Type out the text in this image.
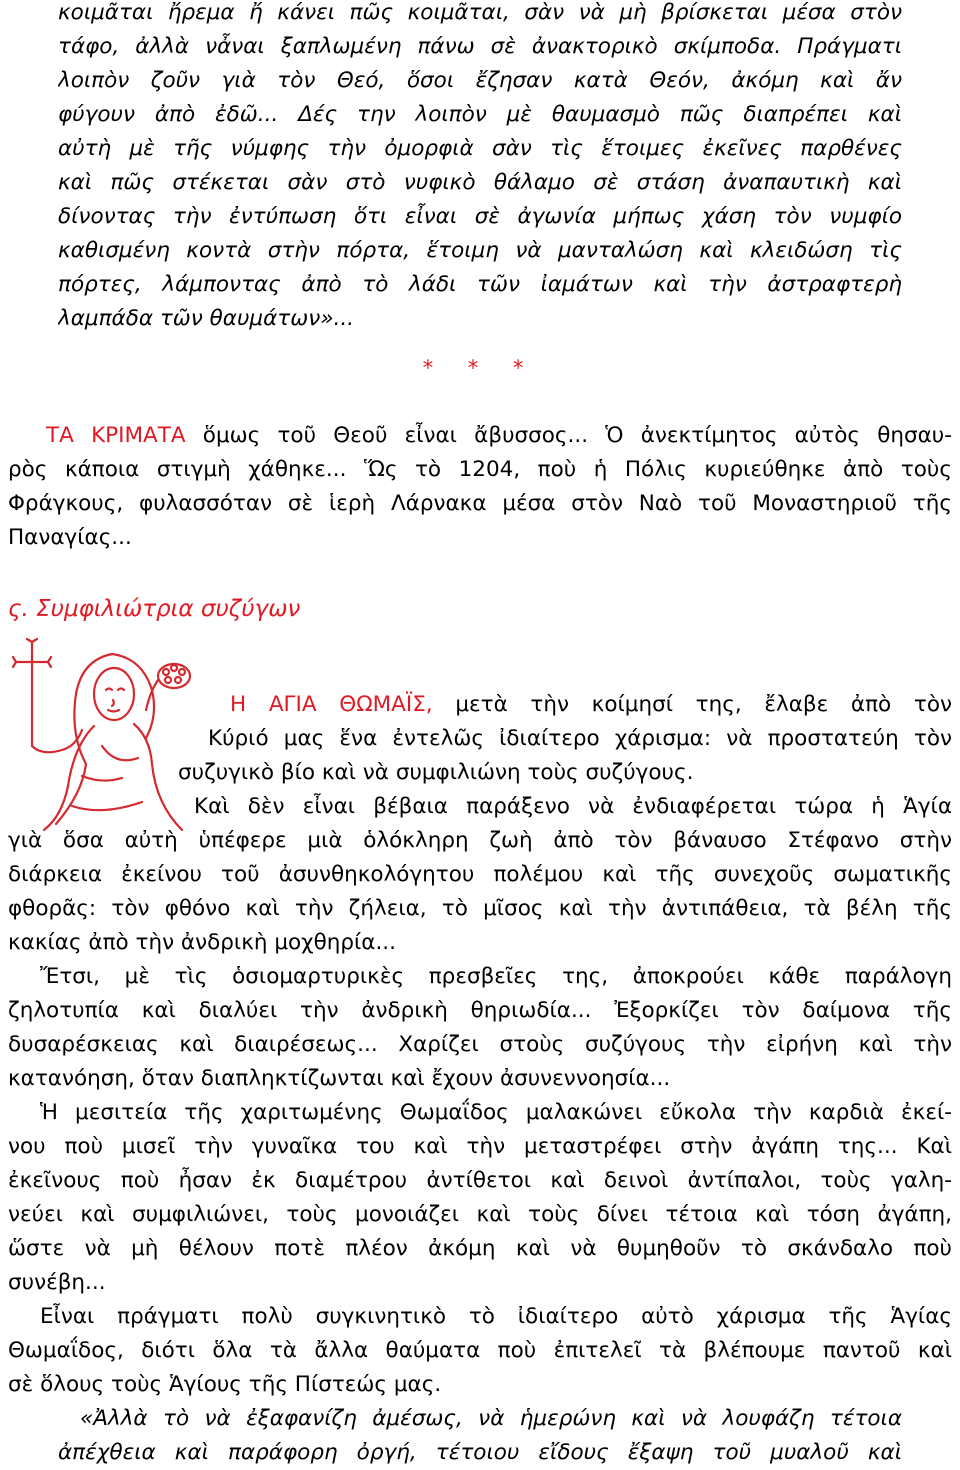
κοιμᾶται ἤρεμα ἤ κάνει πῶς κοιμᾶται, σὰν νὰ μὴ βρίσκεται μέσα στὸν
τάφο, ἀλλὰ νἆναι ξαπλωμένη πάνω σὲ ἀνακτορικὸ σκίμποδα. Πράγματι
λοιπὸν ζοῦν γιὰ τὸν Θεό, ὅσοι ἔζησαν κατὰ Θεόν, ἀκόμη καὶ ἄν
φύγουν ἀπὸ ἐδῶ... Δές την λοιπὸν μὲ θαυμασμὸ πῶς διαπρέπει καὶ
αὐτὴ μὲ τῆς νύμφης τὴν ὀμορφιὰ σὰν τὶς ἕτοιμες ἐκεῖνες παρθένες
καὶ πῶς στέκεται σὰν στὸ νυφικὸ θάλαμο σὲ στάση ἀναπαυτικὴ καὶ
δίνοντας τὴν ἐντύπωση ὅτι εἶναι σὲ ἀγωνία μήπως χάση τὸν νυμφίο
καθισμένη κοντὰ στὴν πόρτα, ἕτοιμη νὰ μανταλώση καὶ κλειδώση τὶς
πόρτες, λάμποντας ἀπὸ τὸ λάδι τῶν ἰαμάτων καὶ τὴν ἀστραφτερὴ
λαμπάδα τῶν θαυμάτων»...
* * *
ΤΑ ΚΡΙΜΑΤΑ ὅμως τοῦ Θεοῦ εἶναι ἄβυσσος... Ὁ ἀνεκτίμητος αὐτὸς θησαυ-
ρὸς κάποια στιγμὴ χάθηκε... Ὥς τὸ 1204, ποὺ ἡ Πόλις κυριεύθηκε ἀπὸ τοὺς
Φράγκους, φυλασσόταν σὲ ἱερὴ Λάρνακα μέσα στὸν Ναὸ τοῦ Μοναστηριοῦ τῆς
Παναγίας...
ς. Συμφιλιώτρια συζύγων
Η ΑΓΙΑ ΘΩΜΑΪΣ, μετὰ τὴν κοίμησί της, ἔλαβε ἀπὸ τὸν
Κύριό μας ἕνα ἐντελῶς ἰδιαίτερο χάρισμα: νὰ προστατεύη τὸν
συζυγικὸ βίο καὶ νὰ συμφιλιώνη τοὺς συζύγους.
Καὶ δὲν εἶναι βέβαια παράξενο νὰ ἐνδιαφέρεται τώρα ἡ Ἁγία
γιὰ ὅσα αὐτὴ ὑπέφερε μιὰ ὁλόκληρη ζωὴ ἀπὸ τὸν βάναυσο Στέφανο στὴν
διάρκεια ἐκείνου τοῦ ἀσυνθηκολόγητου πολέμου καὶ τῆς συνεχοῦς σωματικῆς
φθορᾶς: τὸν φθόνο καὶ τὴν ζήλεια, τὸ μῖσος καὶ τὴν ἀντιπάθεια, τὰ βέλη τῆς
κακίας ἀπὸ τὴν ἀνδρικὴ μοχθηρία...
Ἔτσι, μὲ τὶς ὁσιομαρτυρικὲς πρεσβεῖες της, ἀποκρούει κάθε παράλογη
ζηλοτυπία καὶ διαλύει τὴν ἀνδρικὴ θηριωδία... Ἐξορκίζει τὸν δαίμονα τῆς
δυσαρέσκειας καὶ διαιρέσεως... Χαρίζει στοὺς συζύγους τὴν εἰρήνη καὶ τὴν
κατανόηση, ὅταν διαπληκτίζωνται καὶ ἔχουν ἀσυνεννοησία...
Ἡ μεσιτεία τῆς χαριτωμένης Θωμαΐδος μαλακώνει εὔκολα τὴν καρδιὰ ἐκεί-
νου ποὺ μισεῖ τὴν γυναῖκα του καὶ τὴν μεταστρέφει στὴν ἀγάπη της... Καὶ
ἐκεῖνους ποὺ ἦσαν ἐκ διαμέτρου ἀντίθετοι καὶ δεινοὶ ἀντίπαλοι, τοὺς γαλη-
νεύει καὶ συμφιλιώνει, τοὺς μονοιάζει καὶ τοὺς δίνει τέτοια καὶ τόση ἀγάπη,
ὥστε νὰ μὴ θέλουν ποτὲ πλέον ἀκόμη καὶ νὰ θυμηθοῦν τὸ σκάνδαλο ποὺ
συνέβη...
Εἶναι πράγματι πολὺ συγκινητικὸ τὸ ἰδιαίτερο αὐτὸ χάρισμα τῆς Ἁγίας
Θωμαΐδος, διότι ὅλα τὰ ἄλλα θαύματα ποὺ ἐπιτελεῖ τὰ βλέπουμε παντοῦ καὶ
σὲ ὅλους τοὺς Ἁγίους τῆς Πίστεώς μας.
«Ἀλλὰ τὸ νὰ ἐξαφανίζη ἀμέσως, νὰ ἡμερώνη καὶ νὰ λουφάζη τέτοια
ἀπέχθεια καὶ παράφορη ὀργή, τέτοιου εἴδους ἔξαψη τοῦ μυαλοῦ καὶ
